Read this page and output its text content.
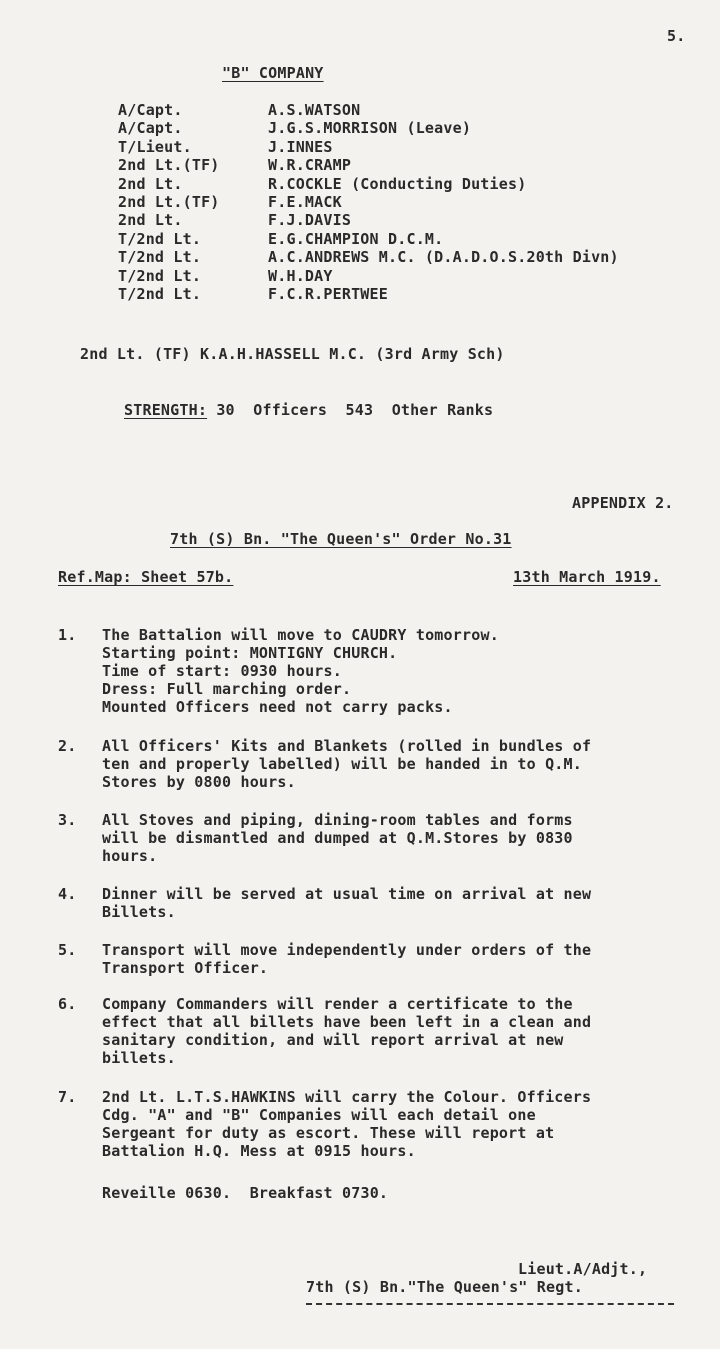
5.
"B" COMPANY
A/Capt.	A.S.WATSON
A/Capt.	J.G.S.MORRISON (Leave)
T/Lieut.	J.INNES
2nd Lt.(TF)	W.R.CRAMP
2nd Lt.	R.COCKLE (Conducting Duties)
2nd Lt.(TF)	F.E.MACK
2nd Lt.	F.J.DAVIS
T/2nd Lt.	E.G.CHAMPION D.C.M.
T/2nd Lt.	A.C.ANDREWS M.C. (D.A.D.O.S.20th Divn)
T/2nd Lt.	W.H.DAY
T/2nd Lt.	F.C.R.PERTWEE
2nd Lt. (TF) K.A.H.HASSELL M.C. (3rd Army Sch)
STRENGTH: 30  Officers  543  Other Ranks
APPENDIX 2.
7th (S) Bn. "The Queen's" Order No.31
Ref.Map: Sheet 57b.	13th March 1919.
1.	The Battalion will move to CAUDRY tomorrow.
Starting point: MONTIGNY CHURCH.
Time of start: 0930 hours.
Dress: Full marching order.
Mounted Officers need not carry packs.
2.	All Officers' Kits and Blankets (rolled in bundles of
ten and properly labelled) will be handed in to Q.M.
Stores by 0800 hours.
3.	All Stoves and piping, dining-room tables and forms
will be dismantled and dumped at Q.M.Stores by 0830
hours.
4.	Dinner will be served at usual time on arrival at new
Billets.
5.	Transport will move independently under orders of the
Transport Officer.
6.	Company Commanders will render a certificate to the
effect that all billets have been left in a clean and
sanitary condition, and will report arrival at new
billets.
7.	2nd Lt. L.T.S.HAWKINS will carry the Colour. Officers
Cdg. "A" and "B" Companies will each detail one
Sergeant for duty as escort. These will report at
Battalion H.Q. Mess at 0915 hours.
Reveille 0630.  Breakfast 0730.
Lieut.A/Adjt.,
7th (S) Bn."The Queen's" Regt.
